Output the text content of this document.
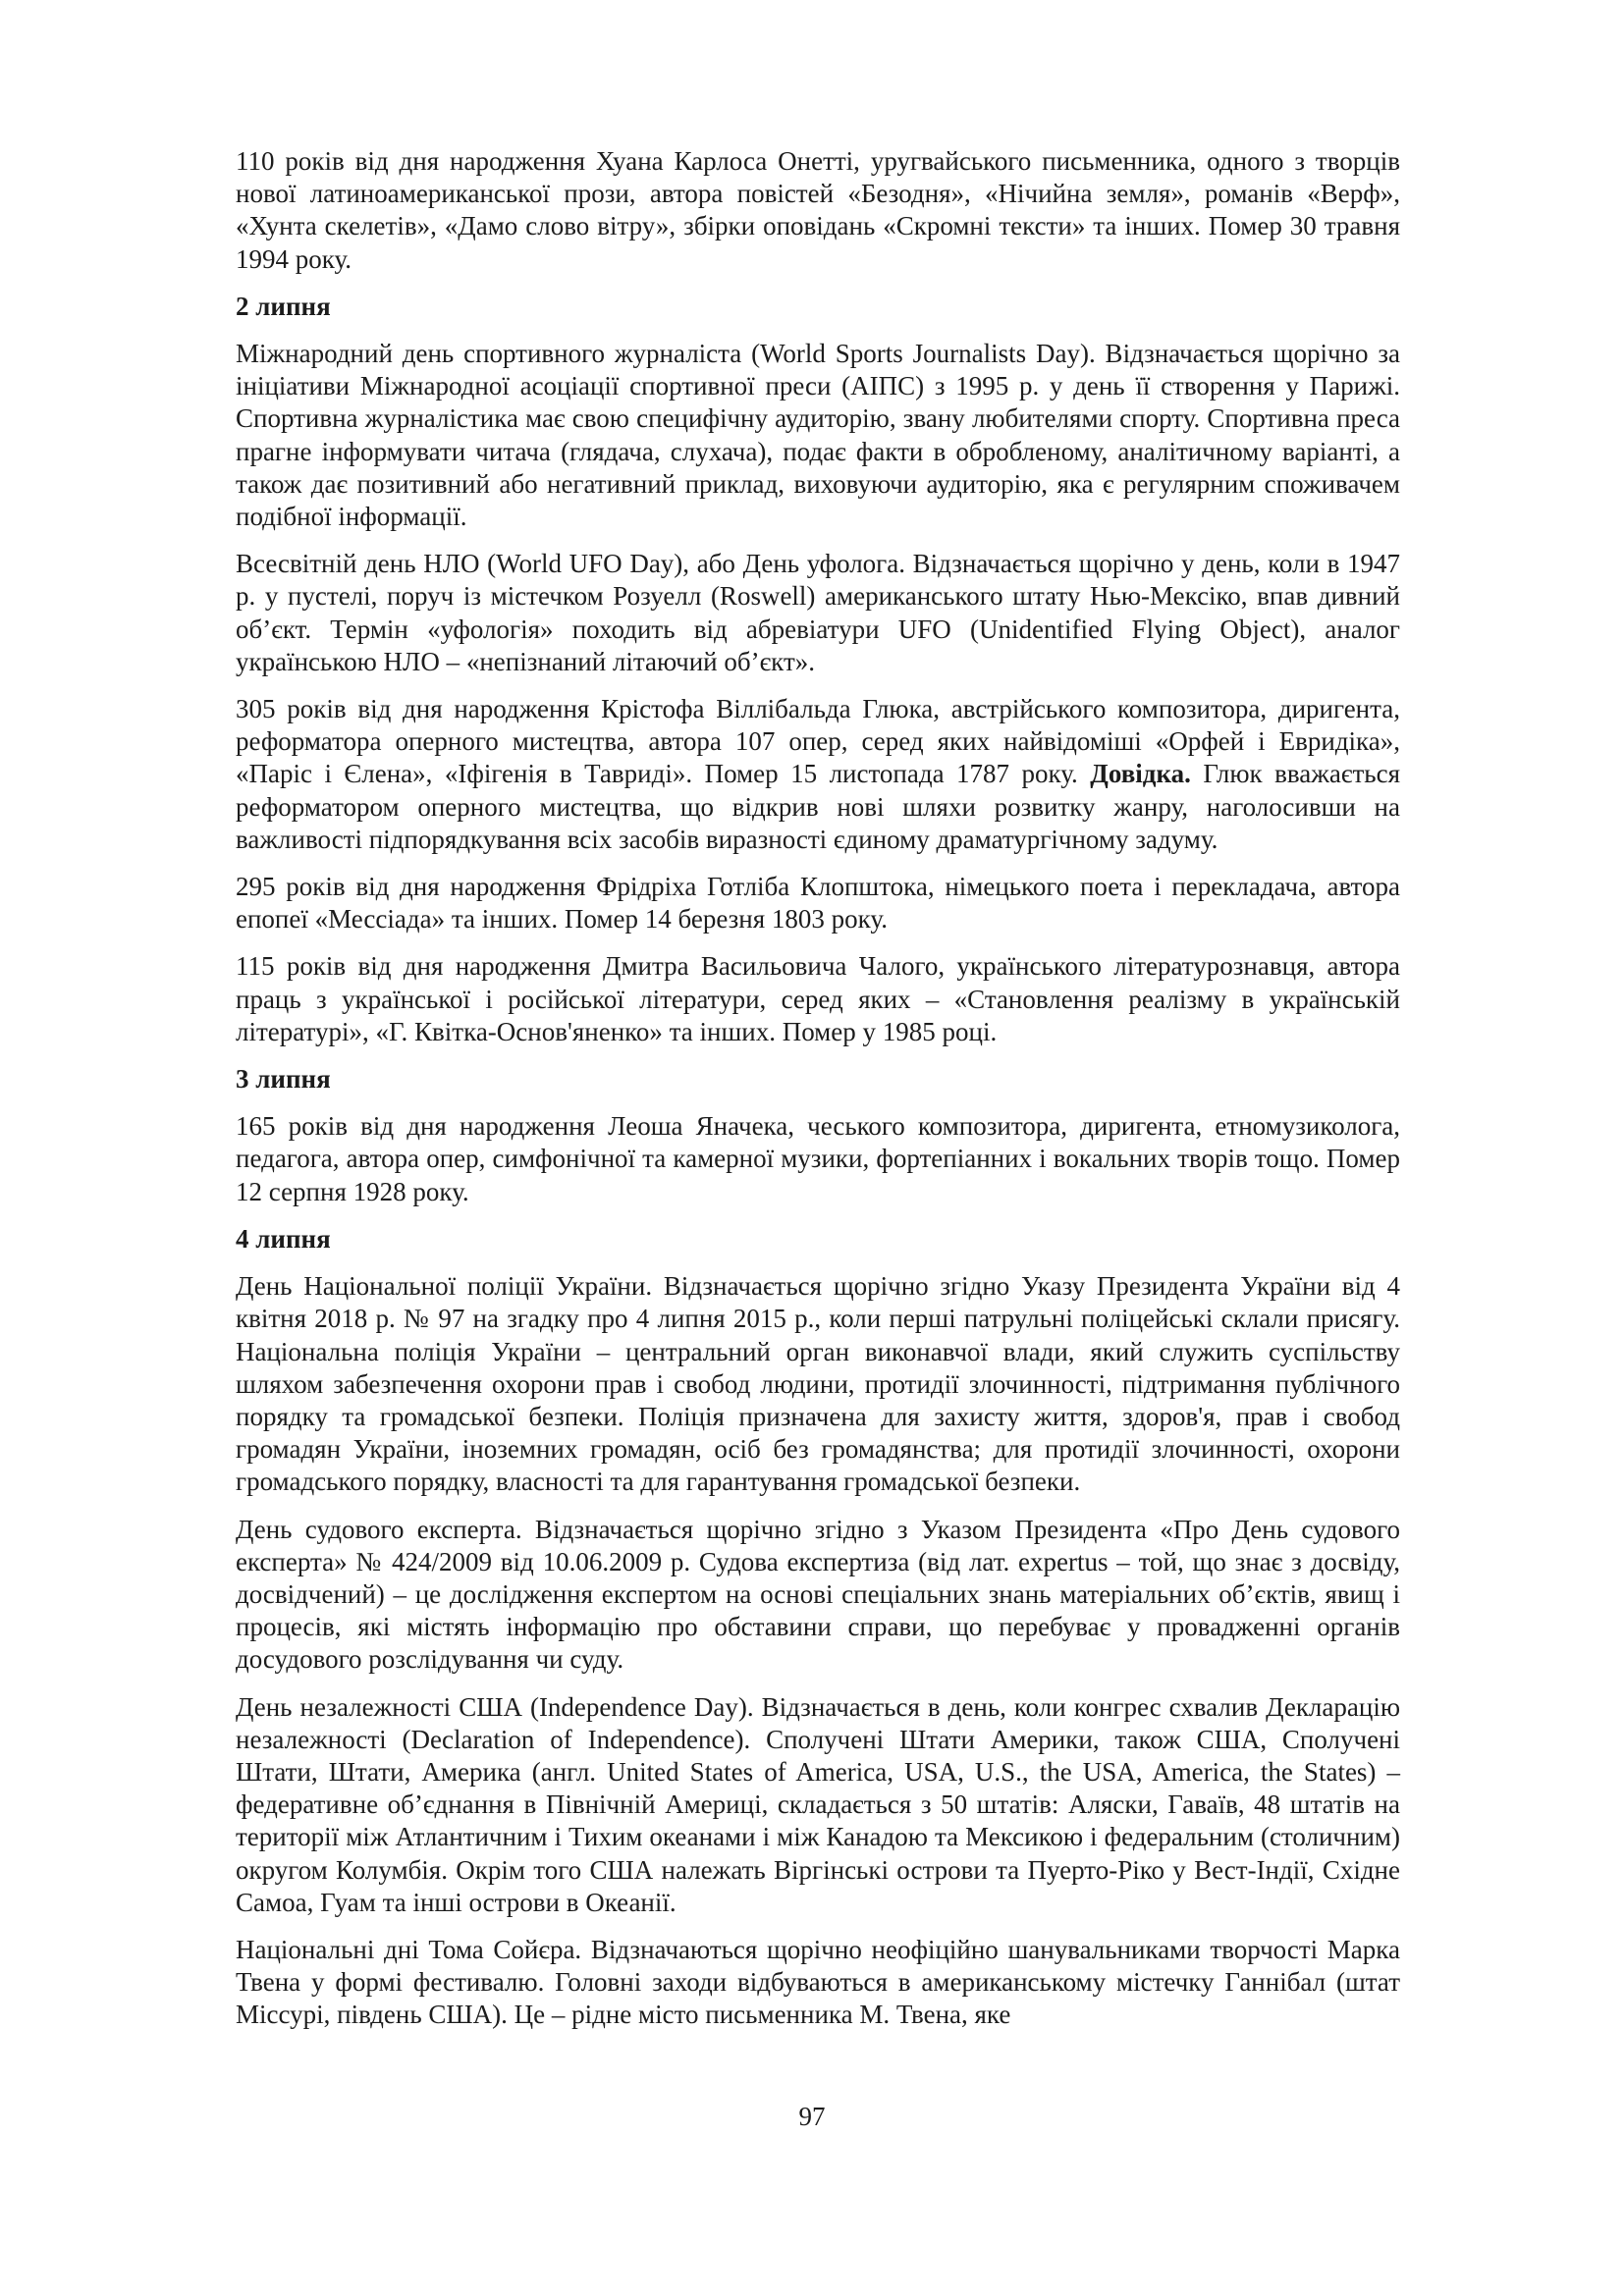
110 років від дня народження Хуана Карлоса Онетті, уругвайського письменника, одного з творців нової латиноамериканської прози, автора повістей «Безодня», «Нічийна земля», романів «Верф», «Хунта скелетів», «Дамо слово вітру», збірки оповідань «Скромні тексти» та інших. Помер 30 травня 1994 року.

2 липня

Міжнародний день спортивного журналіста (World Sports Journalists Day). Відзначається щорічно за ініціативи Міжнародної асоціації спортивної преси (АІПС) з 1995 р. у день її створення у Парижі. Спортивна журналістика має свою специфічну аудиторію, звану любителями спорту. Спортивна преса прагне інформувати читача (глядача, слухача), подає факти в обробленому, аналітичному варіанті, а також дає позитивний або негативний приклад, виховуючи аудиторію, яка є регулярним споживачем подібної інформації.

Всесвітній день НЛО (World UFO Day), або День уфолога. Відзначається щорічно у день, коли в 1947 р. у пустелі, поруч із містечком Розуелл (Roswell) американського штату Нью-Мексіко, впав дивний об’єкт. Термін «уфологія» походить від абревіатури UFO (Unidentified Flying Object), аналог українською НЛО – «непізнаний літаючий об’єкт».

305 років від дня народження Крістофа Віллібальда Глюка, австрійського композитора, диригента, реформатора оперного мистецтва, автора 107 опер, серед яких найвідоміші «Орфей і Евридіка», «Паріс і Єлена», «Іфігенія в Тавриді». Помер 15 листопада 1787 року. Довідка. Глюк вважається реформатором оперного мистецтва, що відкрив нові шляхи розвитку жанру, наголосивши на важливості підпорядкування всіх засобів виразності єдиному драматургічному задуму.

295 років від дня народження Фрідріха Готліба Клопштока, німецького поета і перекладача, автора епопеї «Мессіада» та інших. Помер 14 березня 1803 року.

115 років від дня народження Дмитра Васильовича Чалого, українського літературознавця, автора праць з української і російської літератури, серед яких – «Становлення реалізму в українській літературі», «Г. Квітка-Основ'яненко» та інших. Помер у 1985 році.

3 липня

165 років від дня народження Леоша Яначека, чеського композитора, диригента, етномузиколога, педагога, автора опер, симфонічної та камерної музики, фортепіанних і вокальних творів тощо. Помер 12 серпня 1928 року.

4 липня

День Національної поліції України. Відзначається щорічно згідно Указу Президента України від 4 квітня 2018 р. № 97 на згадку про 4 липня 2015 р., коли перші патрульні поліцейські склали присягу. Національна поліція України – центральний орган виконавчої влади, який служить суспільству шляхом забезпечення охорони прав і свобод людини, протидії злочинності, підтримання публічного порядку та громадської безпеки. Поліція призначена для захисту життя, здоров'я, прав і свобод громадян України, іноземних громадян, осіб без громадянства; для протидії злочинності, охорони громадського порядку, власності та для гарантування громадської безпеки.

День судового експерта. Відзначається щорічно згідно з Указом Президента «Про День судового експерта» № 424/2009 від 10.06.2009 р. Судова експертиза (від лат. expertus – той, що знає з досвіду, досвідчений) – це дослідження експертом на основі спеціальних знань матеріальних об’єктів, явищ і процесів, які містять інформацію про обставини справи, що перебуває у провадженні органів досудового розслідування чи суду.

День незалежності США (Independence Day). Відзначається в день, коли конгрес схвалив Декларацію незалежності (Declaration of Independence). Сполучені Штати Америки, також США, Сполучені Штати, Штати, Америка (англ. United States of America, USA, U.S., the USA, America, the States) – федеративне об’єднання в Північній Америці, складається з 50 штатів: Аляски, Гаваїв, 48 штатів на території між Атлантичним і Тихим океанами і між Канадою та Мексикою і федеральним (столичним) округом Колумбія. Окрім того США належать Віргінські острови та Пуерто-Ріко у Вест-Індії, Східне Самоа, Гуам та інші острови в Океанії.

Національні дні Тома Сойєра. Відзначаються щорічно неофіційно шанувальниками творчості Марка Твена у формі фестивалю. Головні заходи відбуваються в американському містечку Ганнібал (штат Міссурі, південь США). Це – рідне місто письменника М. Твена, яке

97
